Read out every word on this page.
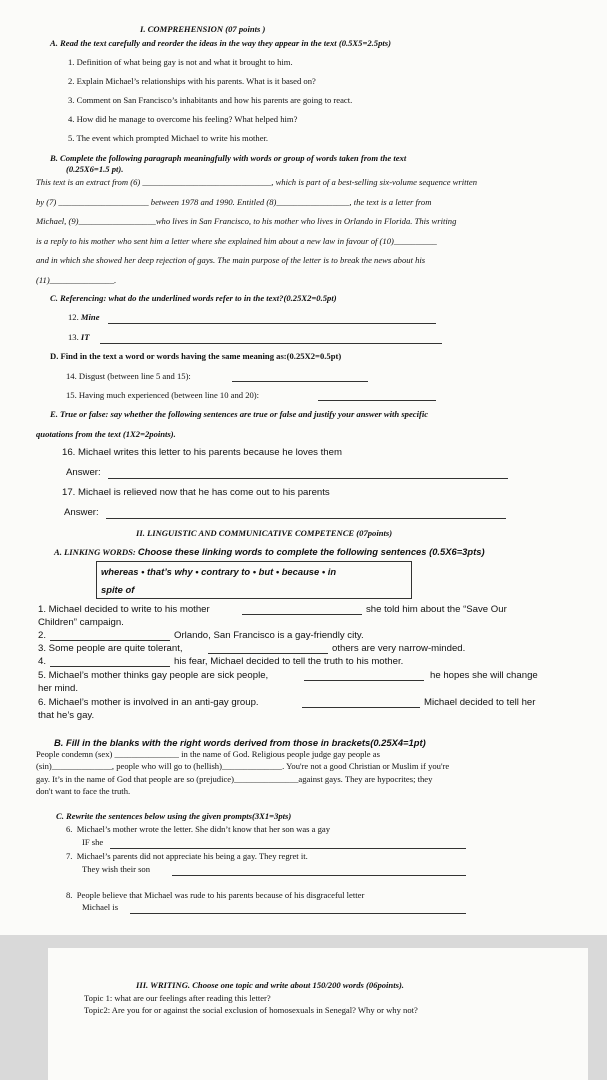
I. COMPREHENSION (07 points )
A. Read the text carefully and reorder the ideas in the way they appear in the text (0.5X5=2.5pts)
1. Definition of what being gay is not and what it brought to him.
2. Explain Michael’s relationships with his parents. What is it based on?
3. Comment on San Francisco’s inhabitants and how his parents are going to react.
4. How did he manage to overcome his feeling? What helped him?
5. The event which prompted Michael to write his mother.
B. Complete the following paragraph meaningfully with words or group of words taken from the text
(0.25X6=1.5 pt).
This text is an extract from (6) ______________________________, which is part of a best-selling six-volume sequence written
by (7) _____________________ between 1978 and 1990. Entitled (8)_________________, the text is a letter from
Michael, (9)__________________who lives in San Francisco, to his mother who lives in Orlando in Florida. This writing
is a reply to his mother who sent him a letter where she explained him about a new law in favour of (10)__________
and in which she showed her deep rejection of gays. The main purpose of the letter is to break the news about his
(11)_______________.
C. Referencing: what do the underlined words refer to in the text?(0.25X2=0.5pt)
12. Mine
13. IT
D. Find in the text a word or words having the same meaning as:(0.25X2=0.5pt)
14. Disgust (between line 5 and 15):
15. Having much experienced (between line 10 and 20):
E. True or false: say whether the following sentences are true or false and justify your answer with specific
quotations from the text (1X2=2points).
16. Michael writes this letter to his parents because he loves them
Answer:
17. Michael is relieved now that he has come out to his parents
Answer:
II. LINGUISTIC AND COMMUNICATIVE COMPETENCE (07points)
A. LINKING WORDS: Choose these linking words to complete the following sentences (0.5X6=3pts)
whereas • that’s why • contrary to • but • because • in
spite of
1. Michael decided to write to his mother	she told him about the “Save Our
Children” campaign.
2.	Orlando, San Francisco is a gay-friendly city.
3. Some people are quite tolerant,	others are very narrow-minded.
4.	his fear, Michael decided to tell the truth to his mother.
5. Michael’s mother thinks gay people are sick people,	he hopes she will change
her mind.
6. Michael’s mother is involved in an anti-gay group.	Michael decided to tell her
that he’s gay.
B. Fill in the blanks with the right words derived from those in brackets(0.25X4=1pt)
People condemn (sex) _______________ in the name of God. Religious people judge gay people as
(sin)______________, people who will go to (hellish)______________. You're not a good Christian or Muslim if you're
gay. It’s in the name of God that people are so (prejudice)_______________against gays. They are hypocrites; they
don't want to face the truth.
C. Rewrite the sentences below using the given prompts(3X1=3pts)
6. Michael’s mother wrote the letter. She didn’t know that her son was a gay
IF she
7. Michael’s parents did not appreciate his being a gay. They regret it.
They wish their son
8. People believe that Michael was rude to his parents because of his disgraceful letter
Michael is
III. WRITING. Choose one topic and write about 150/200 words (06points).
Topic 1: what are our feelings after reading this letter?
Topic2: Are you for or against the social exclusion of homosexuals in Senegal? Why or why not?
